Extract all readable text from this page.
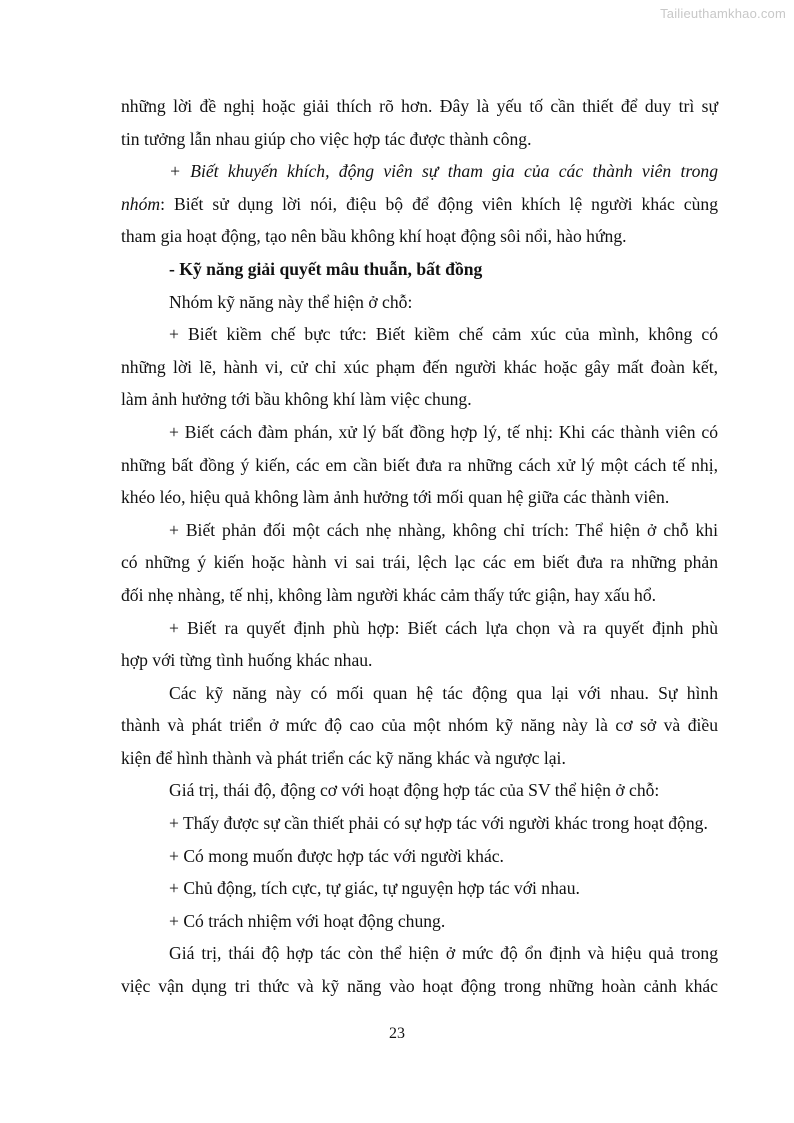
Tailieuthamkhao.com
những lời đề nghị hoặc giải thích rõ hơn. Đây là yếu tố cần thiết để duy trì sự
tin tưởng lẫn nhau giúp cho việc hợp tác được thành công.
+ Biết khuyến khích, động viên sự tham gia của các thành viên trong
nhóm: Biết sử dụng lời nói, điệu bộ để động viên khích lệ người khác cùng
tham gia hoạt động, tạo nên bầu không khí hoạt động sôi nổi, hào hứng.
- Kỹ năng giải quyết mâu thuẫn, bất đồng
Nhóm kỹ năng này thể hiện ở chỗ:
+ Biết kiềm chế bực tức: Biết kiềm chế cảm xúc của mình, không có
những lời lẽ, hành vi, cử chỉ xúc phạm đến người khác hoặc gây mất đoàn kết,
làm ảnh hưởng tới bầu không khí làm việc chung.
+ Biết cách đàm phán, xử lý bất đồng hợp lý, tế nhị: Khi các thành viên có
những bất đồng ý kiến, các em cần biết đưa ra những cách xử lý một cách tế nhị,
khéo léo, hiệu quả không làm ảnh hưởng tới mối quan hệ giữa các thành viên.
+ Biết phản đối một cách nhẹ nhàng, không chỉ trích: Thể hiện ở chỗ khi
có những ý kiến hoặc hành vi sai trái, lệch lạc các em biết đưa ra những phản
đối nhẹ nhàng, tế nhị, không làm người khác cảm thấy tức giận, hay xấu hổ.
+ Biết ra quyết định phù hợp: Biết cách lựa chọn và ra quyết định phù
hợp với từng tình huống khác nhau.
Các kỹ năng này có mối quan hệ tác động qua lại với nhau. Sự hình
thành và phát triển ở mức độ cao của một nhóm kỹ năng này là cơ sở và điều
kiện để hình thành và phát triển các kỹ năng khác và ngược lại.
Giá trị, thái độ, động cơ với hoạt động hợp tác của SV thể hiện ở chỗ:
+ Thấy được sự cần thiết phải có sự hợp tác với người khác trong hoạt động.
+ Có mong muốn được hợp tác với người khác.
+ Chủ động, tích cực, tự giác, tự nguyện hợp tác với nhau.
+ Có trách nhiệm với hoạt động chung.
Giá trị, thái độ hợp tác còn thể hiện ở mức độ ổn định và hiệu quả trong
việc vận dụng tri thức và kỹ năng vào hoạt động trong những hoàn cảnh khác
23
